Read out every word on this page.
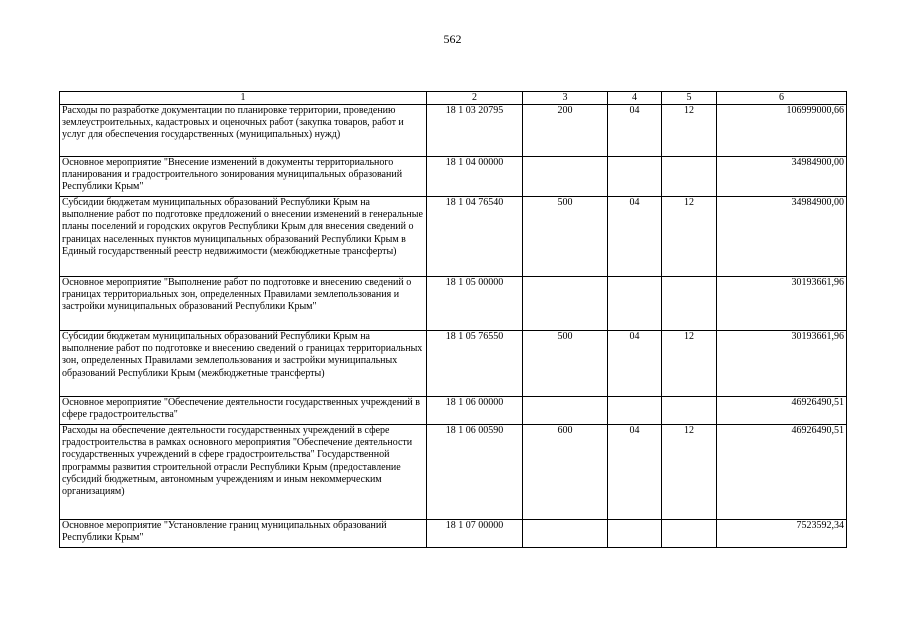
562
1	2	3	4	5	6
Расходы по разработке документации по планировке территории, проведению землеустроительных, кадастровых и оценочных работ (закупка товаров, работ и услуг для обеспечения государственных (муниципальных) нужд)	18 1 03 20795	200	04	12	106999000,66
Основное мероприятие "Внесение изменений в документы территориального планирования и градостроительного зонирования муниципальных образований Республики Крым"	18 1 04 00000				34984900,00
Субсидии бюджетам муниципальных образований Республики Крым на выполнение работ по подготовке предложений о внесении изменений в генеральные планы поселений и городских округов Республики Крым для внесения сведений о границах населенных пунктов муниципальных образований Республики Крым в Единый государственный реестр недвижимости (межбюджетные трансферты)	18 1 04 76540	500	04	12	34984900,00
Основное мероприятие "Выполнение работ по подготовке и внесению сведений о границах территориальных зон, определенных Правилами землепользования и застройки муниципальных образований Республики Крым"	18 1 05 00000				30193661,96
Субсидии бюджетам муниципальных образований Республики Крым на выполнение работ по подготовке и внесению сведений о границах территориальных зон, определенных Правилами землепользования и застройки муниципальных образований Республики Крым (межбюджетные трансферты)	18 1 05 76550	500	04	12	30193661,96
Основное мероприятие "Обеспечение деятельности государственных учреждений в сфере градостроительства"	18 1 06 00000				46926490,51
Расходы на обеспечение деятельности государственных учреждений в сфере градостроительства в рамках основного мероприятия "Обеспечение деятельности государственных учреждений в сфере градостроительства" Государственной программы развития строительной отрасли Республики Крым (предоставление субсидий бюджетным, автономным учреждениям и иным некоммерческим организациям)	18 1 06 00590	600	04	12	46926490,51
Основное мероприятие "Установление границ муниципальных образований Республики Крым"	18 1 07 00000				7523592,34
